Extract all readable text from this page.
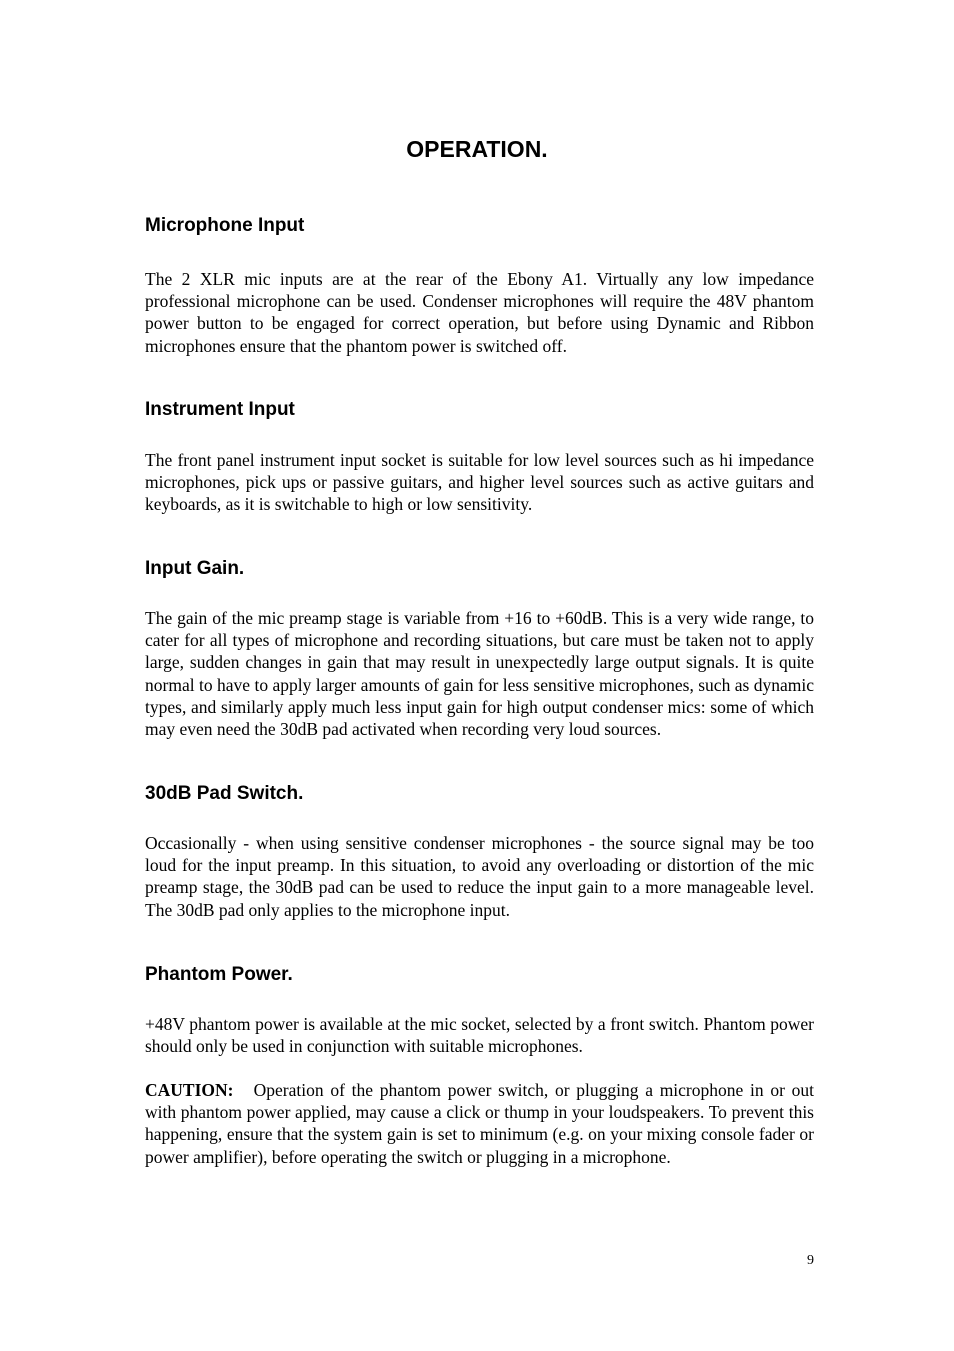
OPERATION.
Microphone Input

The 2 XLR mic inputs are at the rear of the Ebony A1. Virtually any low impedance professional microphone can be used. Condenser microphones will require the 48V phantom power button to be engaged for correct operation, but before using Dynamic and Ribbon microphones ensure that the phantom power is switched off.

Instrument Input

The front panel instrument input socket is suitable for low level sources such as hi impedance microphones, pick ups or passive guitars, and higher level sources such as active guitars and keyboards, as it is switchable to high or low sensitivity.

Input Gain.

The gain of the mic preamp stage is variable from +16 to +60dB. This is a very wide range, to cater for all types of microphone and recording situations, but care must be taken not to apply large, sudden changes in gain that may result in unexpectedly large output signals. It is quite normal to have to apply larger amounts of gain for less sensitive microphones, such as dynamic types, and similarly apply much less input gain for high output condenser mics: some of which may even need the 30dB pad activated when recording very loud sources.

30dB Pad Switch.

Occasionally - when using sensitive condenser microphones - the source signal may be too loud for the input preamp. In this situation, to avoid any overloading or distortion of the mic preamp stage, the 30dB pad can be used to reduce the input gain to a more manageable level. The 30dB pad only applies to the microphone input.

Phantom Power.

+48V phantom power is available at the mic socket, selected by a front switch. Phantom power should only be used in conjunction with suitable microphones.

CAUTION: Operation of the phantom power switch, or plugging a microphone in or out with phantom power applied, may cause a click or thump in your loudspeakers. To prevent this happening, ensure that the system gain is set to minimum (e.g. on your mixing console fader or power amplifier), before operating the switch or plugging in a microphone.

9
